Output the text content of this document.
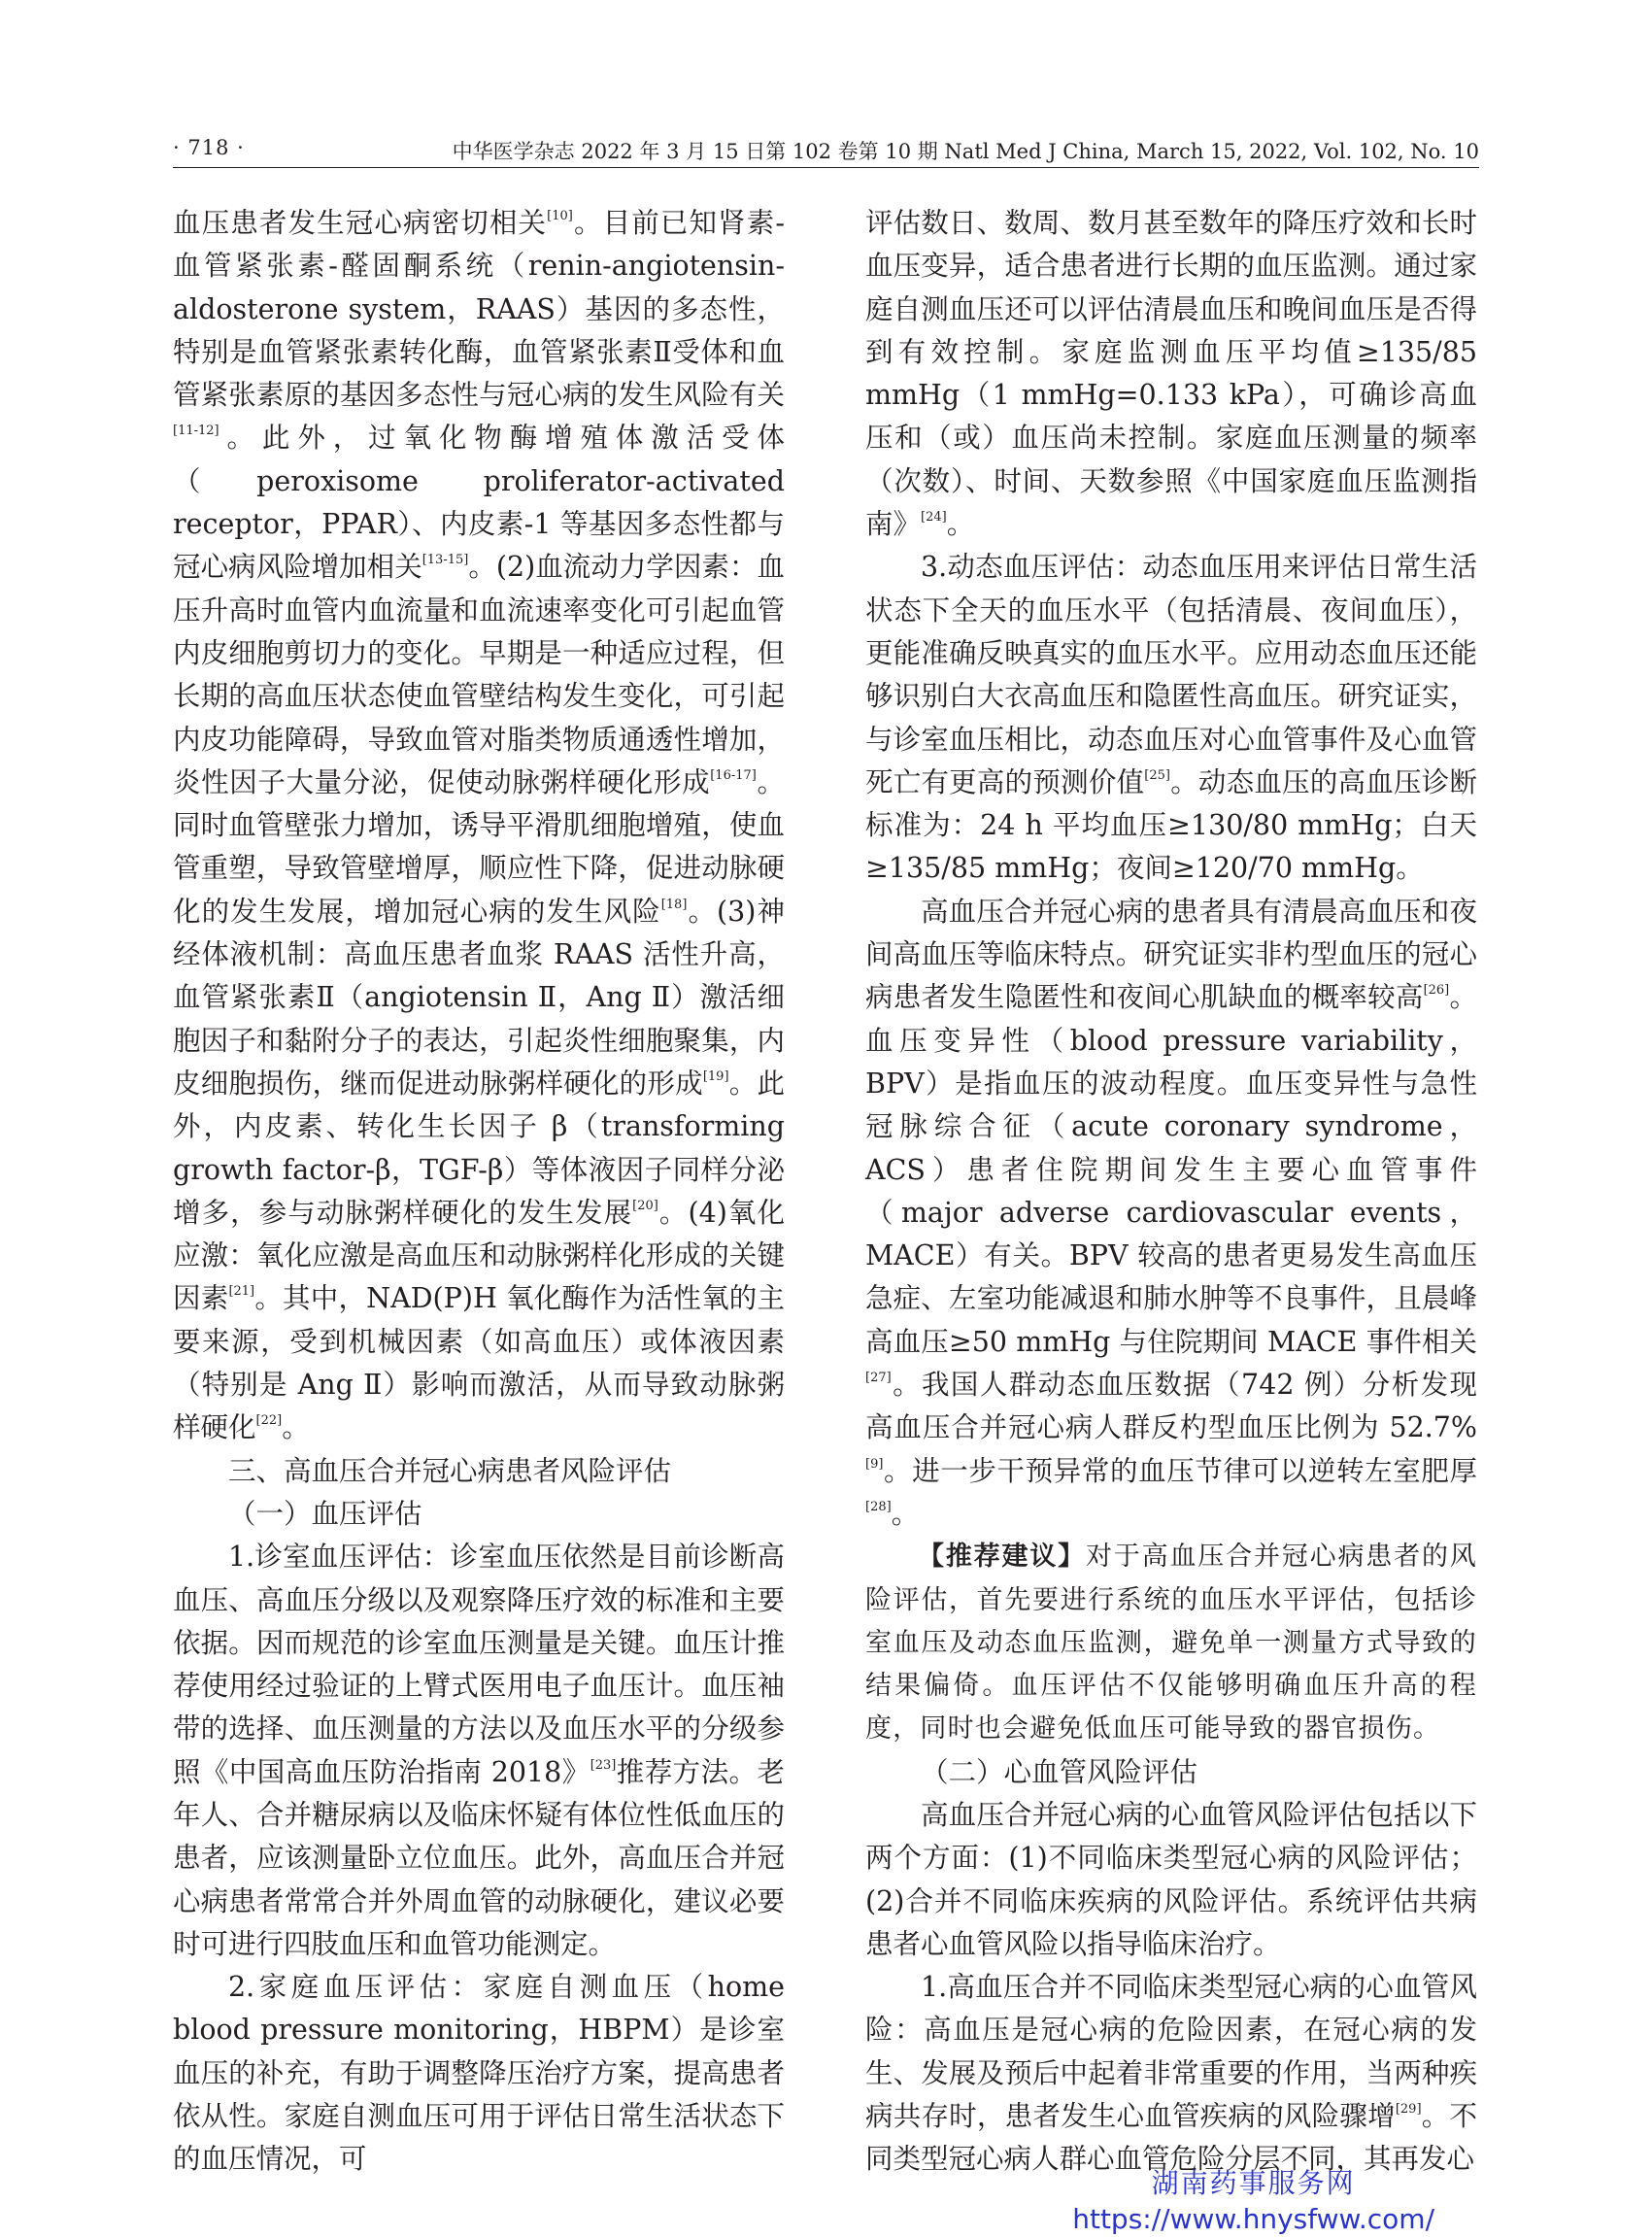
· 718 ·	中华医学杂志 2022 年 3 月 15 日第 102 卷第 10 期 Natl Med J China, March 15, 2022, Vol. 102, No. 10

血压患者发生冠心病密切相关[10]。目前已知肾素-血管紧张素-醛固酮系统（renin-angiotensin-aldosterone system，RAAS）基因的多态性，特别是血管紧张素转化酶，血管紧张素Ⅱ受体和血管紧张素原的基因多态性与冠心病的发生风险有关[11-12]。此外，过氧化物酶增殖体激活受体（peroxisome proliferator-activated receptor，PPAR）、内皮素-1 等基因多态性都与冠心病风险增加相关[13-15]。(2)血流动力学因素：血压升高时血管内血流量和血流速率变化可引起血管内皮细胞剪切力的变化。早期是一种适应过程，但长期的高血压状态使血管壁结构发生变化，可引起内皮功能障碍，导致血管对脂类物质通透性增加，炎性因子大量分泌，促使动脉粥样硬化形成[16-17]。同时血管壁张力增加，诱导平滑肌细胞增殖，使血管重塑，导致管壁增厚，顺应性下降，促进动脉硬化的发生发展，增加冠心病的发生风险[18]。(3)神经体液机制：高血压患者血浆 RAAS 活性升高，血管紧张素Ⅱ（angiotensin Ⅱ，Ang Ⅱ）激活细胞因子和黏附分子的表达，引起炎性细胞聚集，内皮细胞损伤，继而促进动脉粥样硬化的形成[19]。此外，内皮素、转化生长因子 β（transforming growth factor-β，TGF-β）等体液因子同样分泌增多，参与动脉粥样硬化的发生发展[20]。(4)氧化应激：氧化应激是高血压和动脉粥样化形成的关键因素[21]。其中，NAD(P)H 氧化酶作为活性氧的主要来源，受到机械因素（如高血压）或体液因素（特别是 Ang Ⅱ）影响而激活，从而导致动脉粥样硬化[22]。

三、高血压合并冠心病患者风险评估

（一）血压评估

1.诊室血压评估：诊室血压依然是目前诊断高血压、高血压分级以及观察降压疗效的标准和主要依据。因而规范的诊室血压测量是关键。血压计推荐使用经过验证的上臂式医用电子血压计。血压袖带的选择、血压测量的方法以及血压水平的分级参照《中国高血压防治指南 2018》[23]推荐方法。老年人、合并糖尿病以及临床怀疑有体位性低血压的患者，应该测量卧立位血压。此外，高血压合并冠心病患者常常合并外周血管的动脉硬化，建议必要时可进行四肢血压和血管功能测定。

2.家庭血压评估：家庭自测血压（home blood pressure monitoring，HBPM）是诊室血压的补充，有助于调整降压治疗方案，提高患者依从性。家庭自测血压可用于评估日常生活状态下的血压情况，可

评估数日、数周、数月甚至数年的降压疗效和长时血压变异，适合患者进行长期的血压监测。通过家庭自测血压还可以评估清晨血压和晚间血压是否得到有效控制。家庭监测血压平均值≥135/85 mmHg（1 mmHg=0.133 kPa），可确诊高血压和（或）血压尚未控制。家庭血压测量的频率（次数）、时间、天数参照《中国家庭血压监测指南》[24]。

3.动态血压评估：动态血压用来评估日常生活状态下全天的血压水平（包括清晨、夜间血压），更能准确反映真实的血压水平。应用动态血压还能够识别白大衣高血压和隐匿性高血压。研究证实，与诊室血压相比，动态血压对心血管事件及心血管死亡有更高的预测价值[25]。动态血压的高血压诊断标准为：24 h 平均血压≥130/80 mmHg；白天≥135/85 mmHg；夜间≥120/70 mmHg。

高血压合并冠心病的患者具有清晨高血压和夜间高血压等临床特点。研究证实非杓型血压的冠心病患者发生隐匿性和夜间心肌缺血的概率较高[26]。血压变异性（blood pressure variability，BPV）是指血压的波动程度。血压变异性与急性冠脉综合征（acute coronary syndrome，ACS）患者住院期间发生主要心血管事件（major adverse cardiovascular events，MACE）有关。BPV 较高的患者更易发生高血压急症、左室功能减退和肺水肿等不良事件，且晨峰高血压≥50 mmHg 与住院期间 MACE 事件相关[27]。我国人群动态血压数据（742 例）分析发现高血压合并冠心病人群反杓型血压比例为 52.7%[9]。进一步干预异常的血压节律可以逆转左室肥厚[28]。

【推荐建议】对于高血压合并冠心病患者的风险评估，首先要进行系统的血压水平评估，包括诊室血压及动态血压监测，避免单一测量方式导致的结果偏倚。血压评估不仅能够明确血压升高的程度，同时也会避免低血压可能导致的器官损伤。

（二）心血管风险评估

高血压合并冠心病的心血管风险评估包括以下两个方面：(1)不同临床类型冠心病的风险评估；(2)合并不同临床疾病的风险评估。系统评估共病患者心血管风险以指导临床治疗。

1.高血压合并不同临床类型冠心病的心血管风险：高血压是冠心病的危险因素，在冠心病的发生、发展及预后中起着非常重要的作用，当两种疾病共存时，患者发生心血管疾病的风险骤增[29]。不同类型冠心病人群心血管危险分层不同，其再发心

湖南药事服务网
https://www.hnysfww.com/
